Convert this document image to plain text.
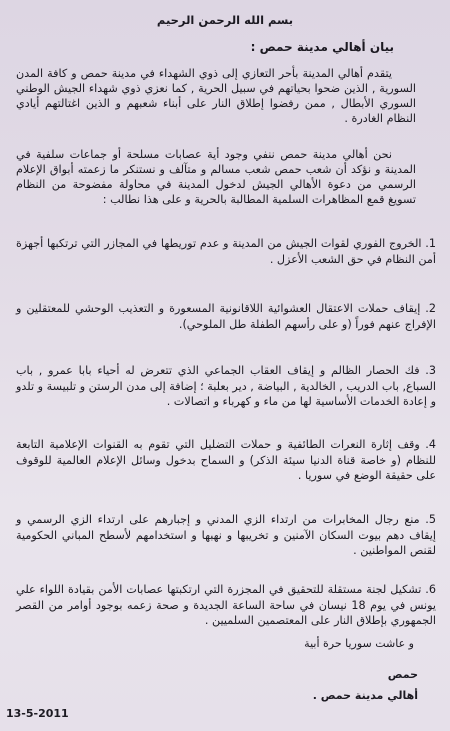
بسم الله الرحمن الرحيم
بيان أهالي مدينة حمص :

يتقدم أهالي المدينة بأحر التعازي إلى ذوي الشهداء في مدينة حمص و كافة المدن السورية , الذين ضحوا بحياتهم في سبيل الحرية , كما نعزي ذوي شهداء الجيش الوطني السوري الأبطال , ممن رفضوا إطلاق النار على أبناء شعبهم و الذين اغتالتهم أيادي النظام الغادرة .

نحن أهالي مدينة حمص ننفي وجود أية عصابات مسلحة أو جماعات سلفية في المدينة و نؤكد أن شعب حمص شعب مسالم و متآلف و نستنكر ما زعمته أبواق الإعلام الرسمي من دعوة الأهالي الجيش لدخول المدينة في محاولة مفضوحة من النظام تسويغ قمع المظاهرات السلمية المطالبة بالحرية و على هذا نطالب :

1. الخروج الفوري لقوات الجيش من المدينة و عدم توريطها في المجازر التي ترتكبها أجهزة أمن النظام في حق الشعب الأعزل .
2. إيقاف حملات الاعتقال العشوائية اللاقانونية المسعورة و التعذيب الوحشي للمعتقلين و الإفراج عنهم فوراً (و على رأسهم الطفلة طل الملوحي).
3. فك الحصار الظالم و إيقاف العقاب الجماعي الذي تتعرض له أحياء بابا عمرو , باب السباع, باب الدريب , الخالدية , البياضة , دير بعلبة ؛ إضافة إلى مدن الرستن و تلبيسة و تلدو و إعادة الخدمات الأساسية لها من ماء و كهرباء و اتصالات .
4. وقف إثارة النعرات الطائفية و حملات التضليل التي تقوم به القنوات الإعلامية التابعة للنظام (و خاصة قناة الدنيا سيئة الذكر) و السماح بدخول وسائل الإعلام العالمية للوقوف على حقيقة الوضع في سوريا .
5. منع رجال المخابرات من ارتداء الزي المدني و إجبارهم على ارتداء الزي الرسمي و إيقاف دهم بيوت السكان الآمنين و تخريبها و نهبها و استخدامهم لأسطح المباني الحكومية لقنص المواطنين .
6. تشكيل لجنة مستقلة للتحقيق في المجزرة التي ارتكبتها عصابات الأمن بقيادة اللواء علي يونس في يوم 18 نيسان في ساحة الساعة الجديدة و صحة زعمه بوجود أوامر من القصر الجمهوري بإطلاق النار على المعتصمين السلميين .
و عاشت سوريا حرة أبية
حمص
أهالي مدينة حمص .
13-5-2011
